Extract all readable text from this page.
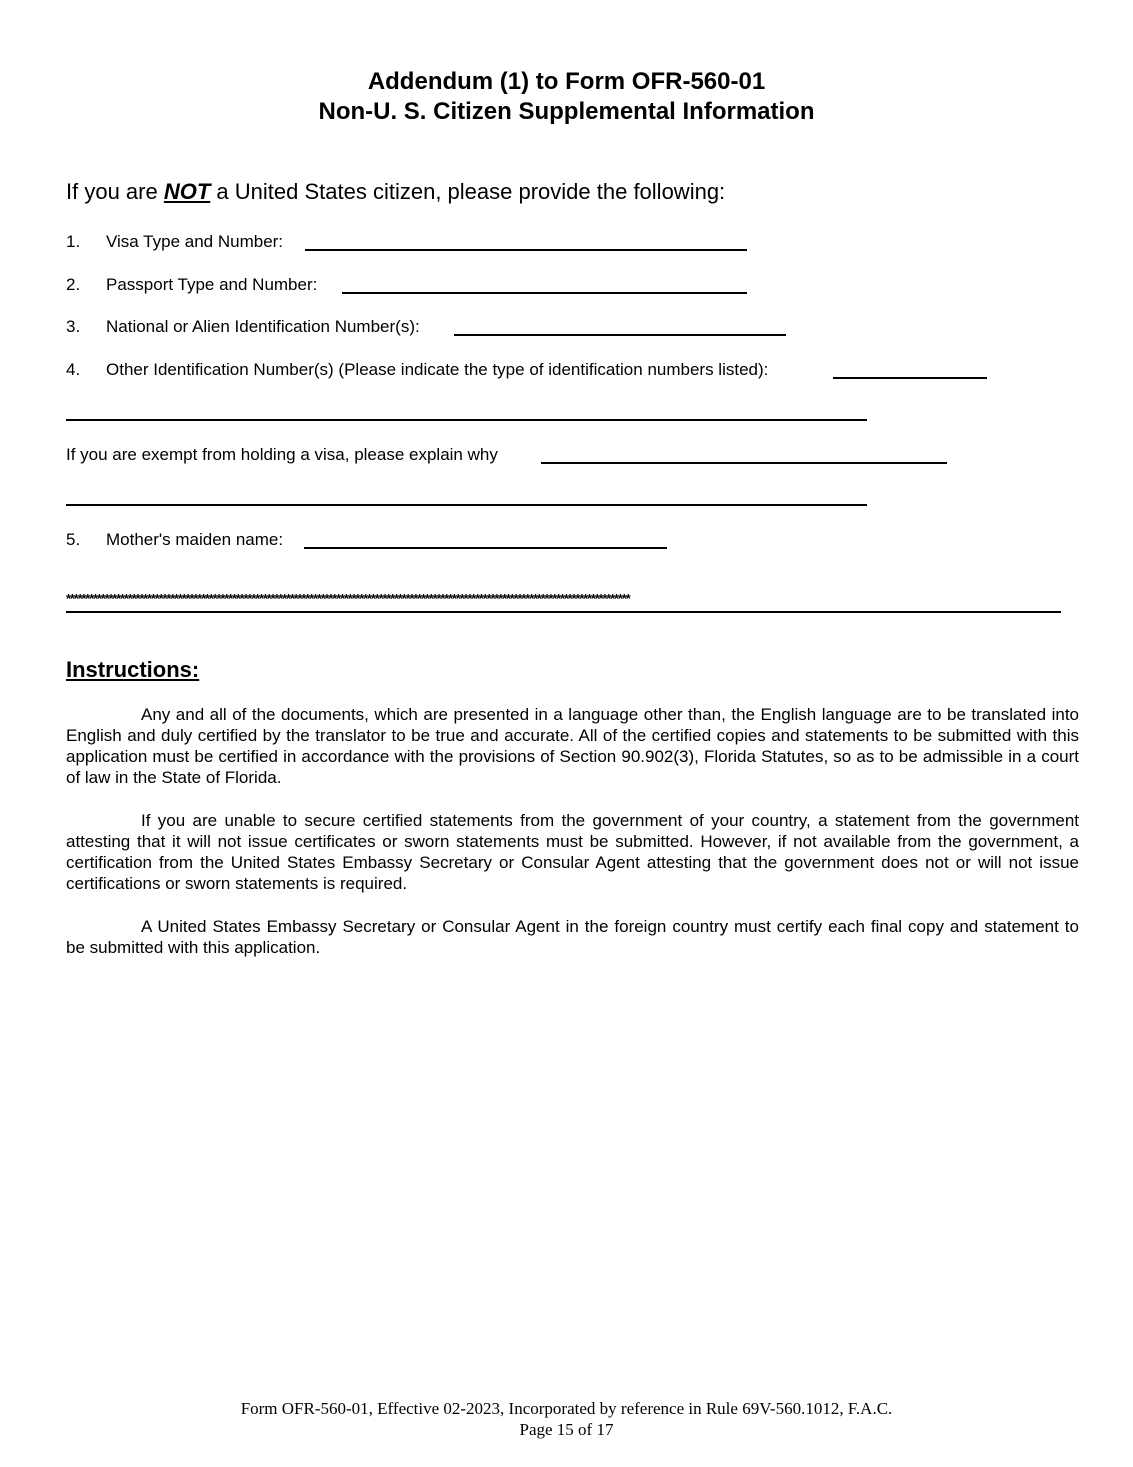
Addendum (1) to Form OFR-560-01
Non-U. S. Citizen Supplemental Information
If you are NOT a United States citizen, please provide the following:
1. Visa Type and Number:
2. Passport Type and Number:
3. National or Alien Identification Number(s):
4. Other Identification Number(s) (Please indicate the type of identification numbers listed):
If you are exempt from holding a visa, please explain why
5. Mother's maiden name:
**************************************************************************************************************************************************
Instructions:
Any and all of the documents, which are presented in a language other than, the English language are to be translated into English and duly certified by the translator to be true and accurate. All of the certified copies and statements to be submitted with this application must be certified in accordance with the provisions of Section 90.902(3), Florida Statutes, so as to be admissible in a court of law in the State of Florida.
If you are unable to secure certified statements from the government of your country, a statement from the government attesting that it will not issue certificates or sworn statements must be submitted. However, if not available from the government, a certification from the United States Embassy Secretary or Consular Agent attesting that the government does not or will not issue certifications or sworn statements is required.
A United States Embassy Secretary or Consular Agent in the foreign country must certify each final copy and statement to be submitted with this application.
Form OFR-560-01, Effective 02-2023, Incorporated by reference in Rule 69V-560.1012, F.A.C.
Page 15 of 17
